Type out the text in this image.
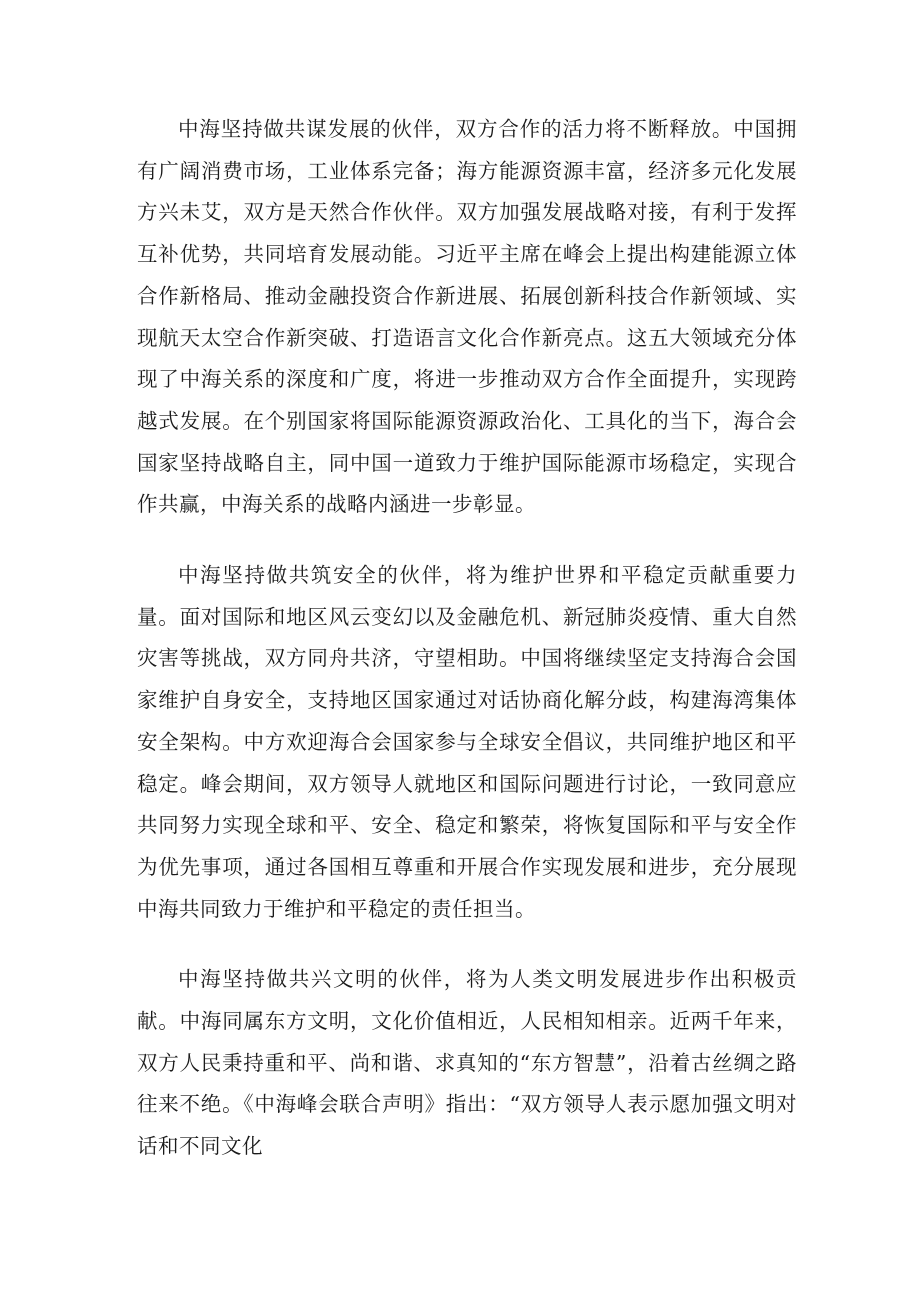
中海坚持做共谋发展的伙伴，双方合作的活力将不断释放。中国拥有广阔消费市场，工业体系完备；海方能源资源丰富，经济多元化发展方兴未艾，双方是天然合作伙伴。双方加强发展战略对接，有利于发挥互补优势，共同培育发展动能。习近平主席在峰会上提出构建能源立体合作新格局、推动金融投资合作新进展、拓展创新科技合作新领域、实现航天太空合作新突破、打造语言文化合作新亮点。这五大领域充分体现了中海关系的深度和广度，将进一步推动双方合作全面提升，实现跨越式发展。在个别国家将国际能源资源政治化、工具化的当下，海合会国家坚持战略自主，同中国一道致力于维护国际能源市场稳定，实现合作共赢，中海关系的战略内涵进一步彰显。

中海坚持做共筑安全的伙伴，将为维护世界和平稳定贡献重要力量。面对国际和地区风云变幻以及金融危机、新冠肺炎疫情、重大自然灾害等挑战，双方同舟共济，守望相助。中国将继续坚定支持海合会国家维护自身安全，支持地区国家通过对话协商化解分歧，构建海湾集体安全架构。中方欢迎海合会国家参与全球安全倡议，共同维护地区和平稳定。峰会期间，双方领导人就地区和国际问题进行讨论，一致同意应共同努力实现全球和平、安全、稳定和繁荣，将恢复国际和平与安全作为优先事项，通过各国相互尊重和开展合作实现发展和进步，充分展现中海共同致力于维护和平稳定的责任担当。

中海坚持做共兴文明的伙伴，将为人类文明发展进步作出积极贡献。中海同属东方文明，文化价值相近，人民相知相亲。近两千年来，双方人民秉持重和平、尚和谐、求真知的“东方智慧”，沿着古丝绸之路往来不绝。《中海峰会联合声明》指出：“双方领导人表示愿加强文明对话和不同文化
